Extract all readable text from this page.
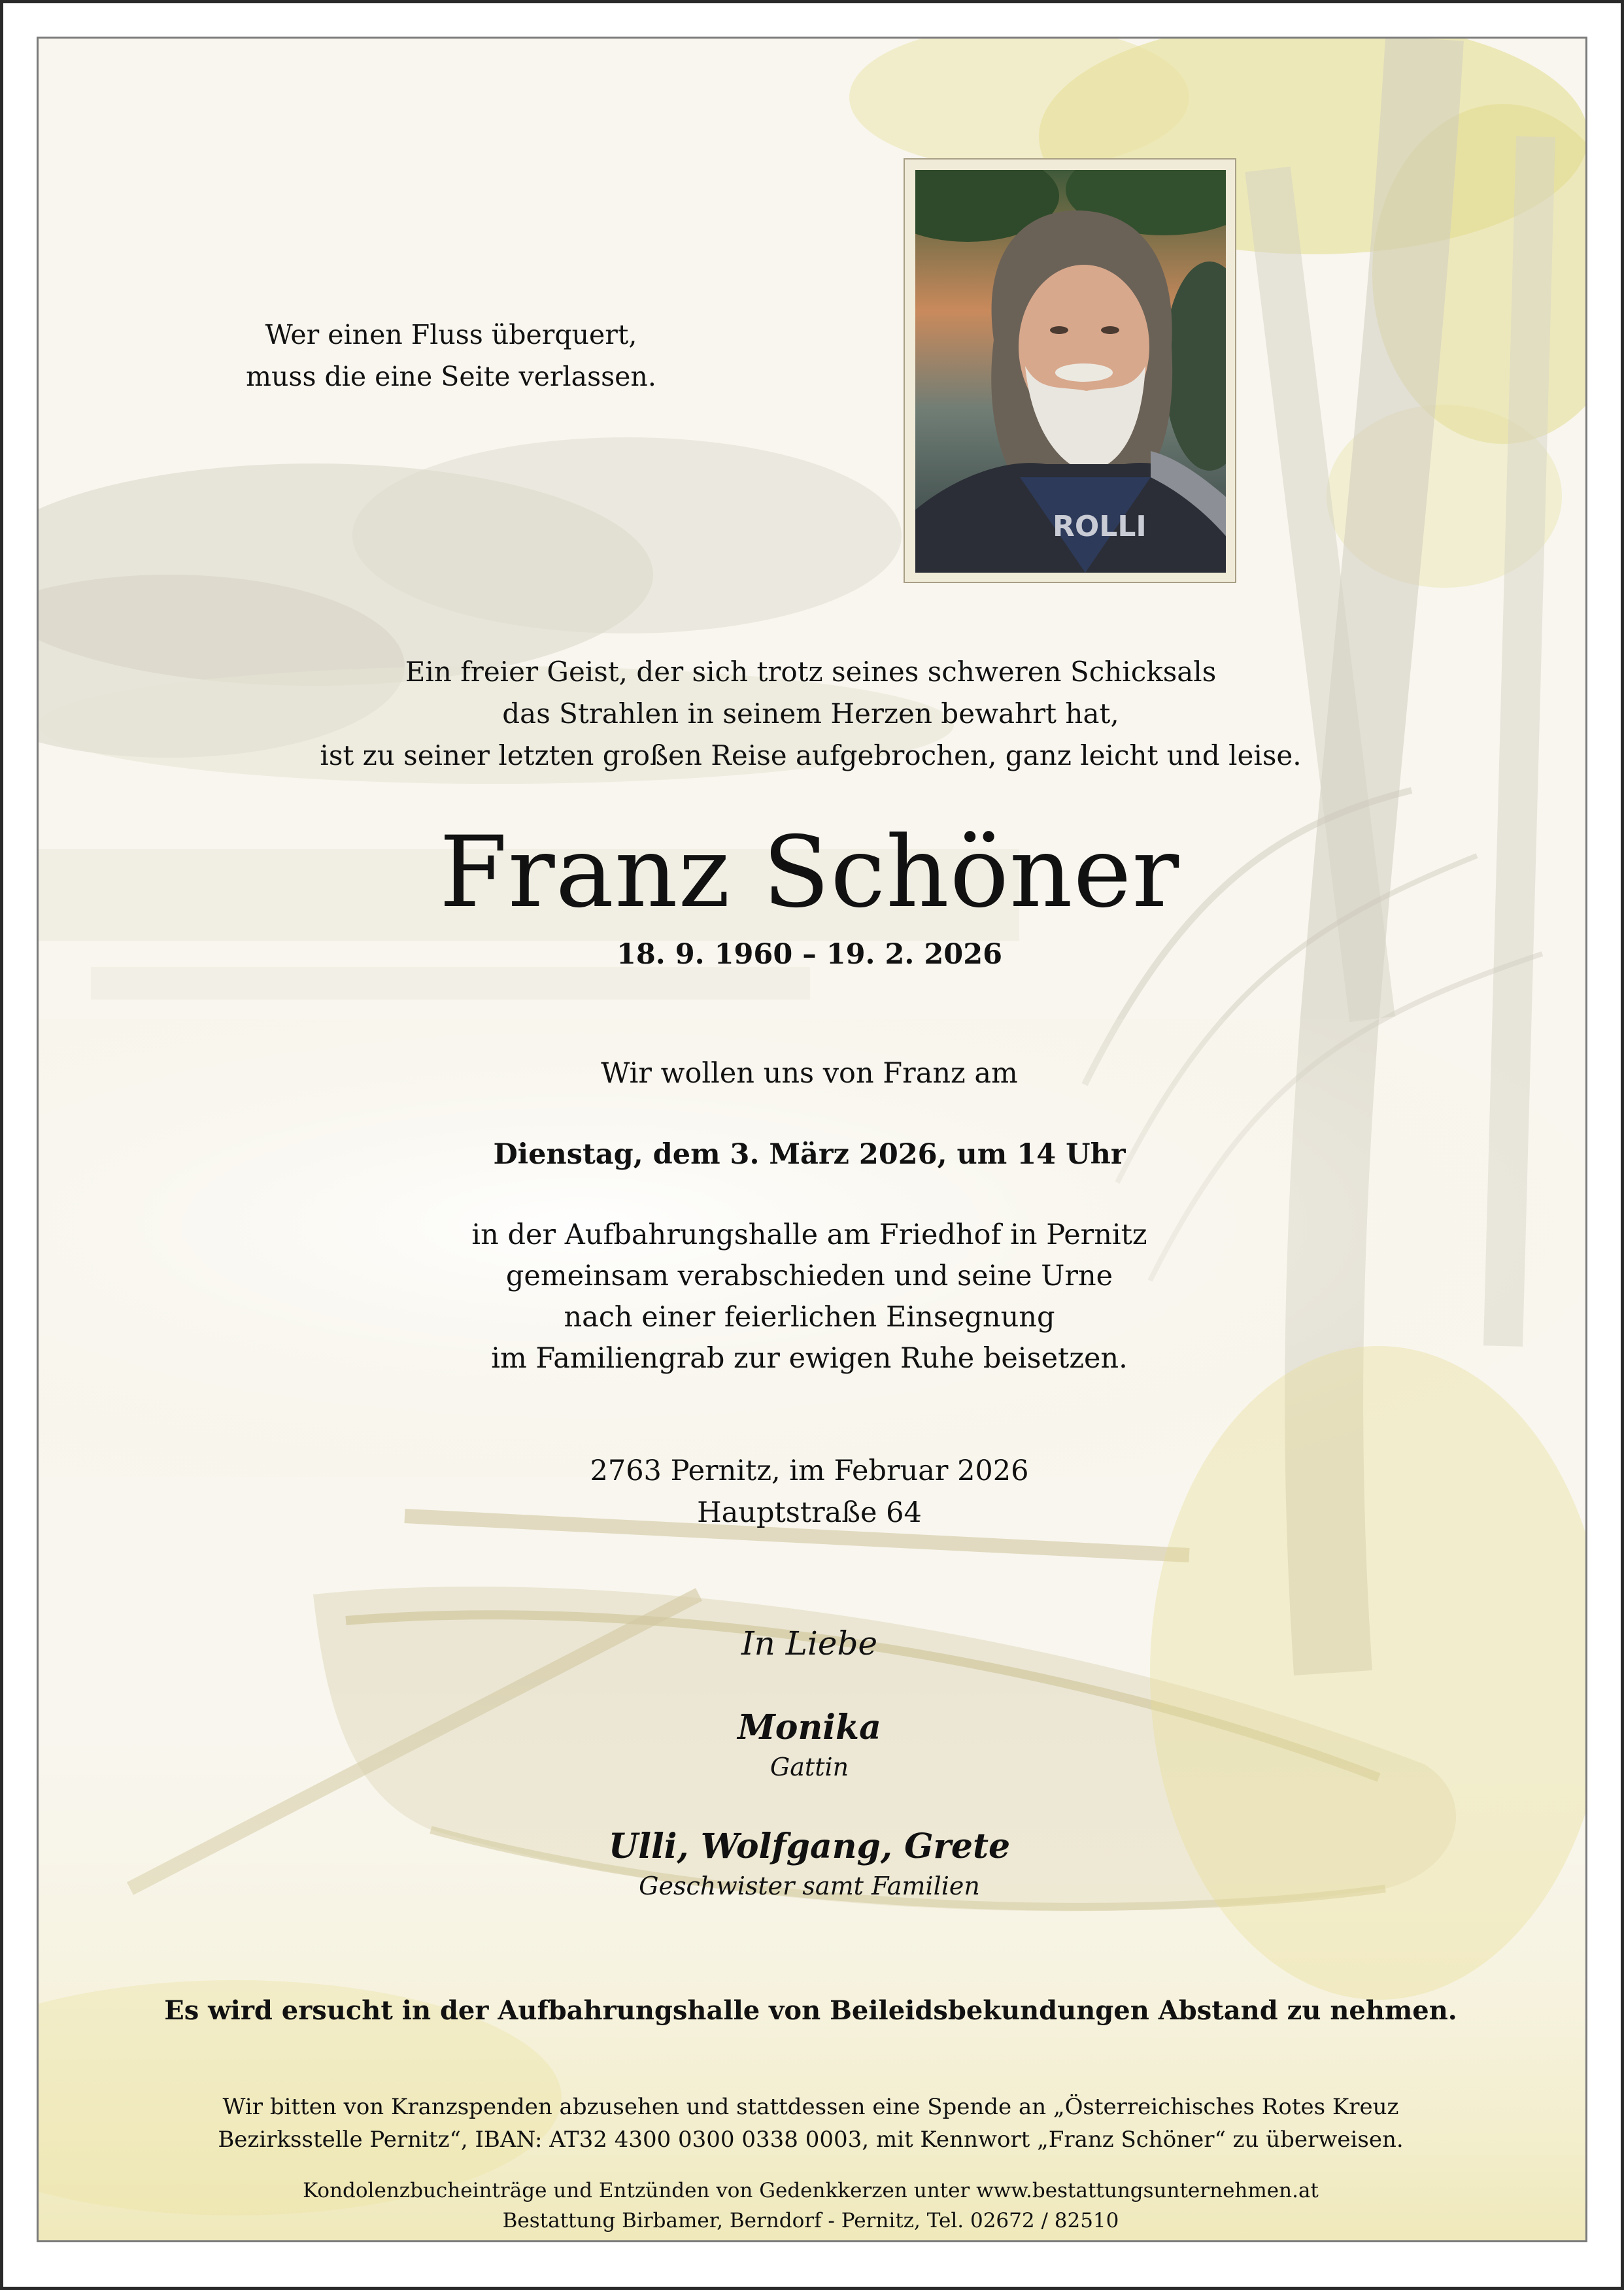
ROLLI
Wer einen Fluss überquert,
muss die eine Seite verlassen.
Ein freier Geist, der sich trotz seines schweren Schicksals
das Strahlen in seinem Herzen bewahrt hat,
ist zu seiner letzten großen Reise aufgebrochen, ganz leicht und leise.
Franz Schöner
18. 9. 1960 – 19. 2. 2026
Wir wollen uns von Franz am
Dienstag, dem 3. März 2026, um 14 Uhr
in der Aufbahrungshalle am Friedhof in Pernitz
gemeinsam verabschieden und seine Urne
nach einer feierlichen Einsegnung
im Familiengrab zur ewigen Ruhe beisetzen.
2763 Pernitz, im Februar 2026
Hauptstraße 64
In Liebe
Monika
Gattin
Ulli, Wolfgang, Grete
Geschwister samt Familien
Es wird ersucht in der Aufbahrungshalle von Beileidsbekundungen Abstand zu nehmen.
Wir bitten von Kranzspenden abzusehen und stattdessen eine Spende an „Österreichisches Rotes Kreuz
Bezirksstelle Pernitz“, IBAN: AT32 4300 0300 0338 0003, mit Kennwort „Franz Schöner“ zu überweisen.
Kondolenzbucheinträge und Entzünden von Gedenkkerzen unter www.bestattungsunternehmen.at
Bestattung Birbamer, Berndorf - Pernitz, Tel. 02672 / 82510
